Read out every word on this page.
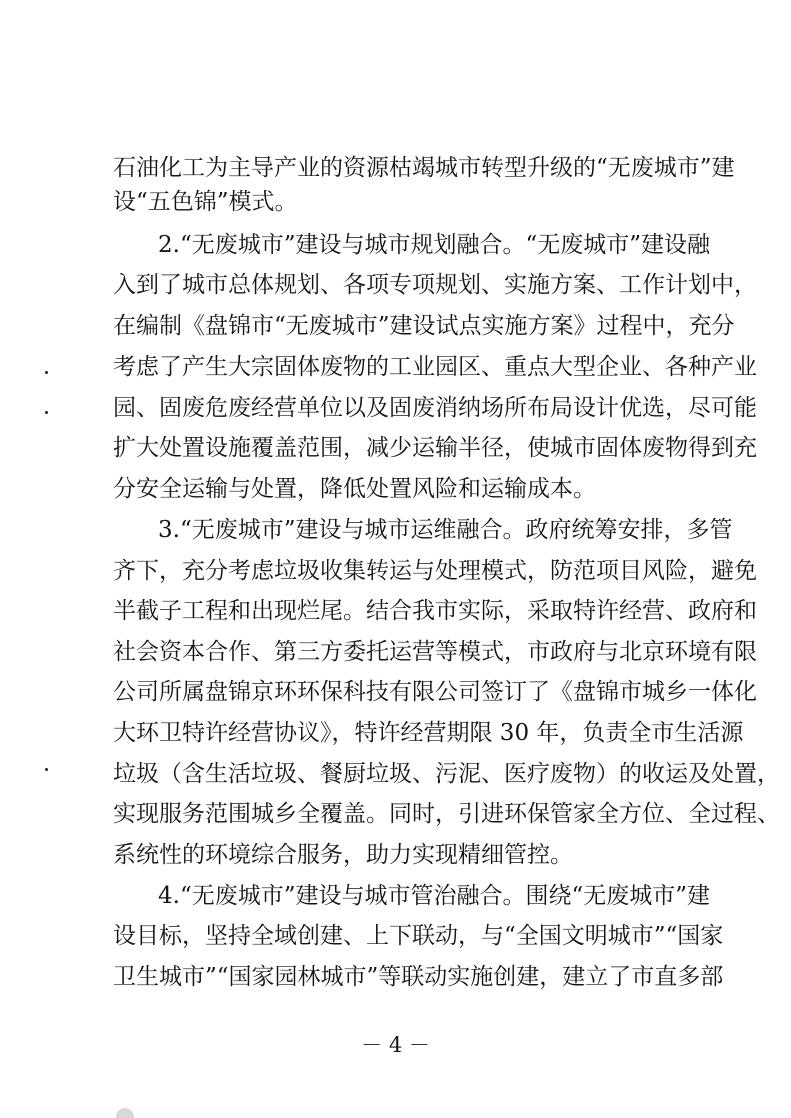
石油化工为主导产业的资源枯竭城市转型升级的“无废城市”建
设“五色锦”模式。
2.“无废城市”建设与城市规划融合。“无废城市”建设融
入到了城市总体规划、各项专项规划、实施方案、工作计划中，
在编制《盘锦市“无废城市”建设试点实施方案》过程中，充分
考虑了产生大宗固体废物的工业园区、重点大型企业、各种产业
园、固废危废经营单位以及固废消纳场所布局设计优选，尽可能
扩大处置设施覆盖范围，减少运输半径，使城市固体废物得到充
分安全运输与处置，降低处置风险和运输成本。
3.“无废城市”建设与城市运维融合。政府统筹安排，多管
齐下，充分考虑垃圾收集转运与处理模式，防范项目风险，避免
半截子工程和出现烂尾。结合我市实际，采取特许经营、政府和
社会资本合作、第三方委托运营等模式，市政府与北京环境有限
公司所属盘锦京环环保科技有限公司签订了《盘锦市城乡一体化
大环卫特许经营协议》，特许经营期限 30 年，负责全市生活源
垃圾（含生活垃圾、餐厨垃圾、污泥、医疗废物）的收运及处置，
实现服务范围城乡全覆盖。同时，引进环保管家全方位、全过程、
系统性的环境综合服务，助力实现精细管控。
4.“无废城市”建设与城市管治融合。围绕“无废城市”建
设目标，坚持全域创建、上下联动，与“全国文明城市”“国家
卫生城市”“国家园林城市”等联动实施创建，建立了市直多部
－ 4 －
